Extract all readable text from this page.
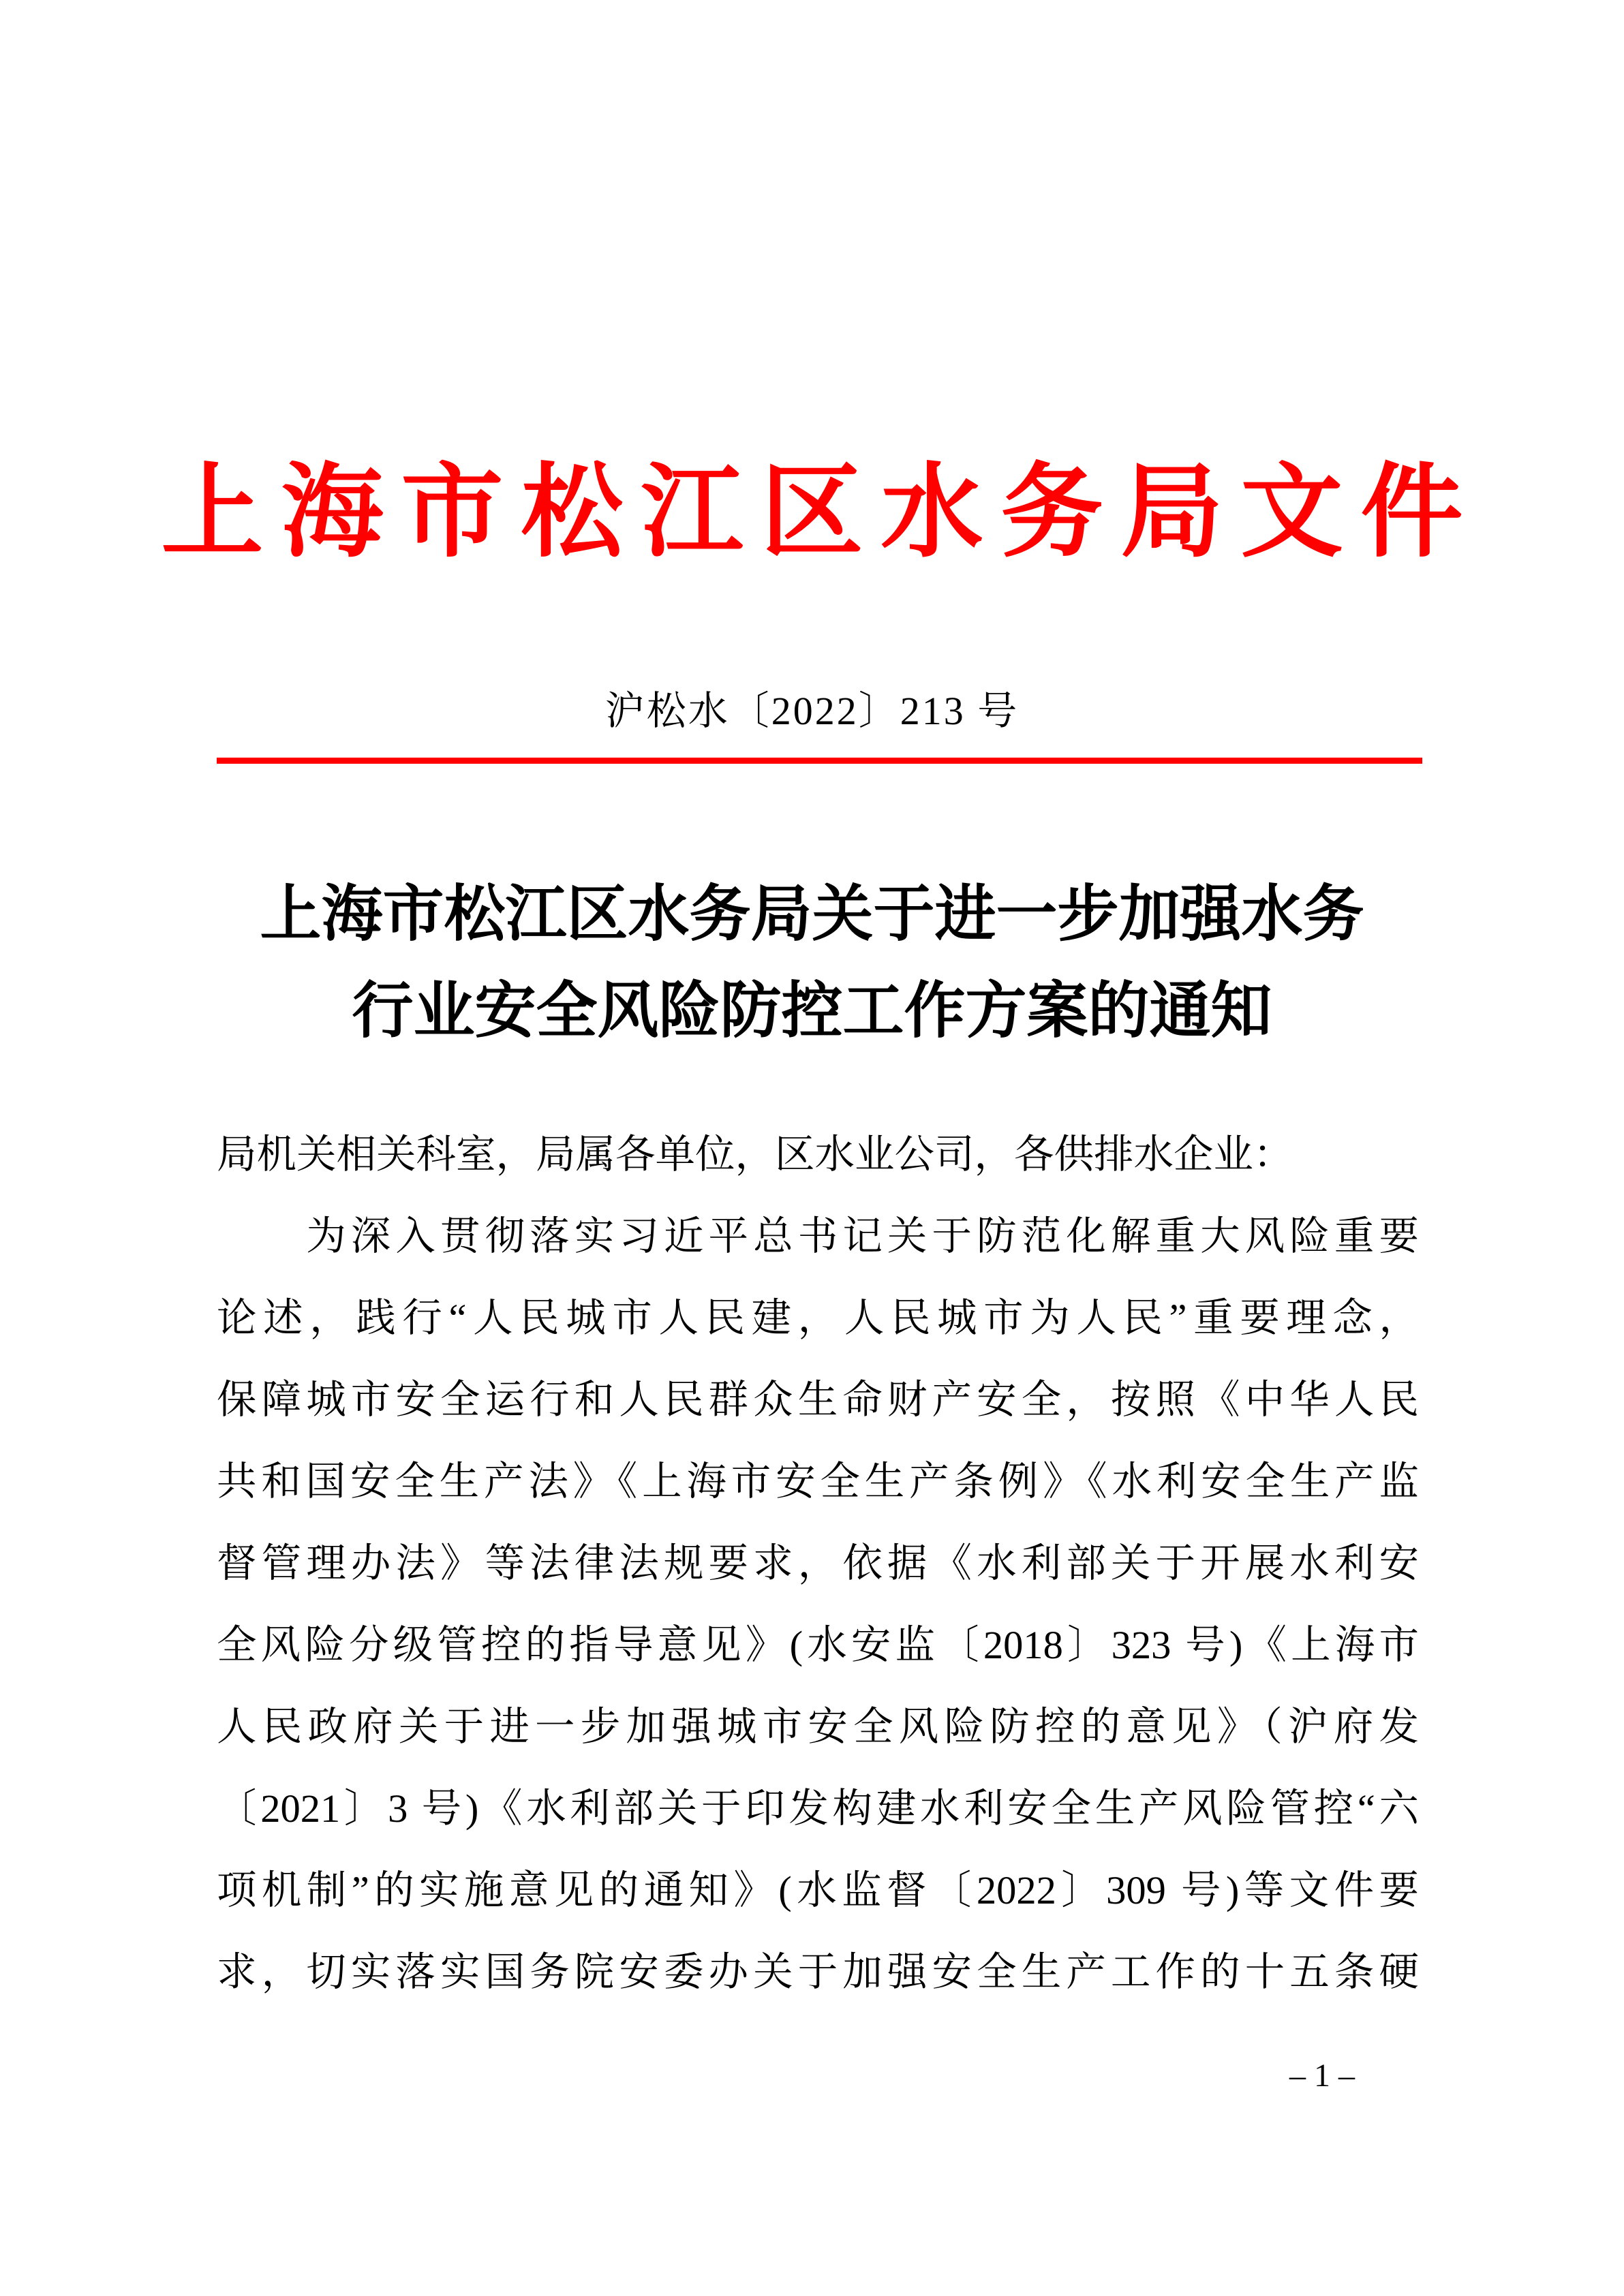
上海市松江区水务局文件
沪松水〔2022〕213 号
上海市松江区水务局关于进一步加强水务
行业安全风险防控工作方案的通知
局机关相关科室，局属各单位，区水业公司，各供排水企业：
　　为深入贯彻落实习近平总书记关于防范化解重大风险重要
论述，践行“人民城市人民建，人民城市为人民”重要理念，
保障城市安全运行和人民群众生命财产安全，按照《中华人民
共和国安全生产法》《上海市安全生产条例》《水利安全生产监
督管理办法》等法律法规要求，依据《水利部关于开展水利安
全风险分级管控的指导意见》(水安监〔2018〕323 号)《上海市
人民政府关于进一步加强城市安全风险防控的意见》（沪府发
〔2021〕3 号)《水利部关于印发构建水利安全生产风险管控“六
项机制”的实施意见的通知》(水监督〔2022〕309 号)等文件要
求，切实落实国务院安委办关于加强安全生产工作的十五条硬
– 1 –
